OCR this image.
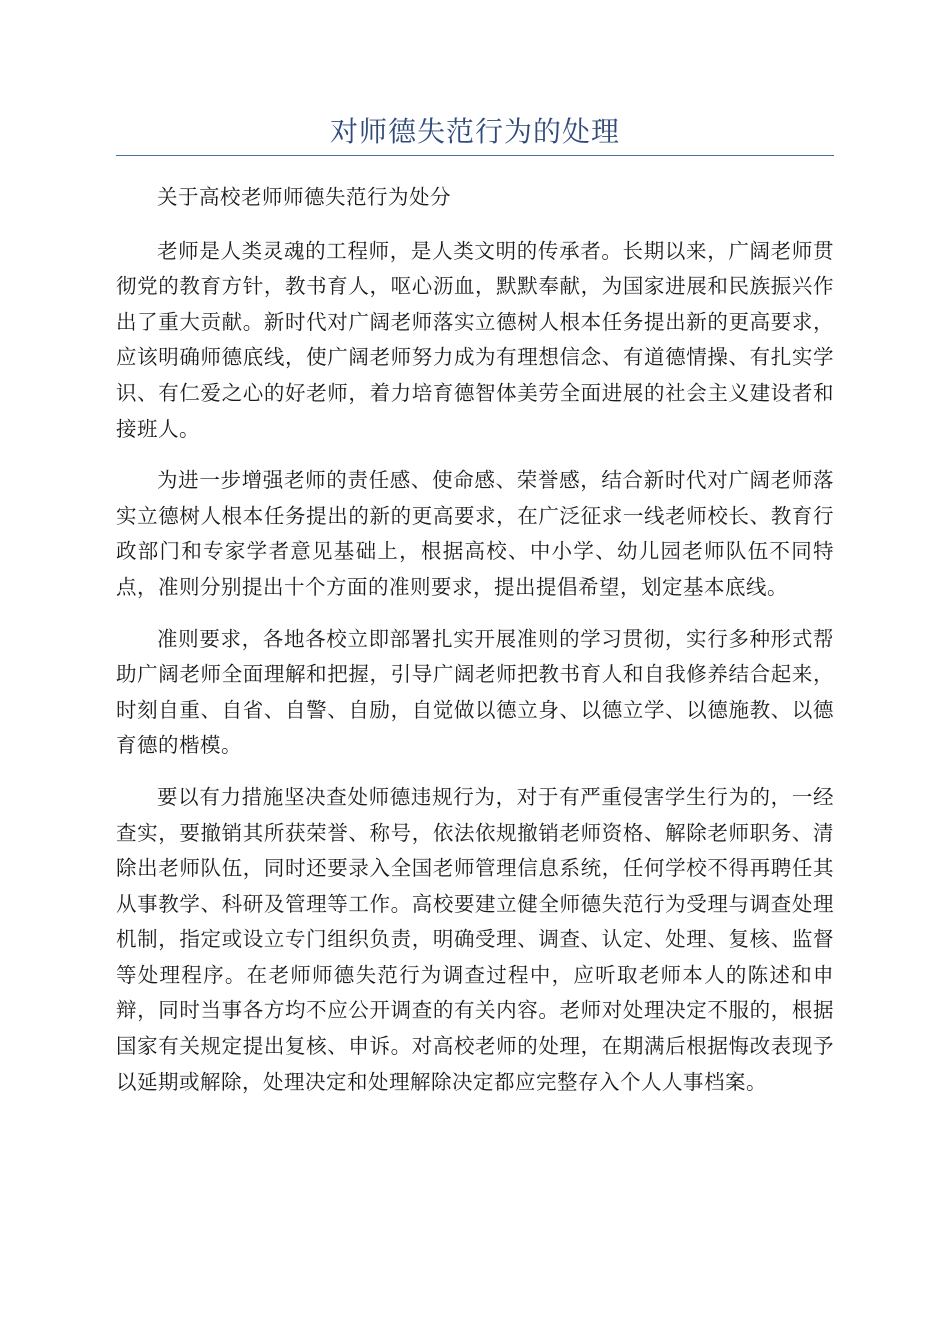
对师德失范行为的处理

关于高校老师师德失范行为处分

老师是人类灵魂的工程师，是人类文明的传承者。长期以来，广阔老师贯彻党的教育方针，教书育人，呕心沥血，默默奉献，为国家进展和民族振兴作出了重大贡献。新时代对广阔老师落实立德树人根本任务提出新的更高要求，应该明确师德底线，使广阔老师努力成为有理想信念、有道德情操、有扎实学识、有仁爱之心的好老师，着力培育德智体美劳全面进展的社会主义建设者和接班人。

为进一步增强老师的责任感、使命感、荣誉感，结合新时代对广阔老师落实立德树人根本任务提出的新的更高要求，在广泛征求一线老师校长、教育行政部门和专家学者意见基础上，根据高校、中小学、幼儿园老师队伍不同特点，准则分别提出十个方面的准则要求，提出提倡希望，划定基本底线。

准则要求，各地各校立即部署扎实开展准则的学习贯彻，实行多种形式帮助广阔老师全面理解和把握，引导广阔老师把教书育人和自我修养结合起来，时刻自重、自省、自警、自励，自觉做以德立身、以德立学、以德施教、以德育德的楷模。

要以有力措施坚决查处师德违规行为，对于有严重侵害学生行为的，一经查实，要撤销其所获荣誉、称号，依法依规撤销老师资格、解除老师职务、清除出老师队伍，同时还要录入全国老师管理信息系统，任何学校不得再聘任其从事教学、科研及管理等工作。高校要建立健全师德失范行为受理与调查处理机制，指定或设立专门组织负责，明确受理、调查、认定、处理、复核、监督等处理程序。在老师师德失范行为调查过程中，应听取老师本人的陈述和申辩，同时当事各方均不应公开调查的有关内容。老师对处理决定不服的，根据国家有关规定提出复核、申诉。对高校老师的处理，在期满后根据悔改表现予以延期或解除，处理决定和处理解除决定都应完整存入个人人事档案。
